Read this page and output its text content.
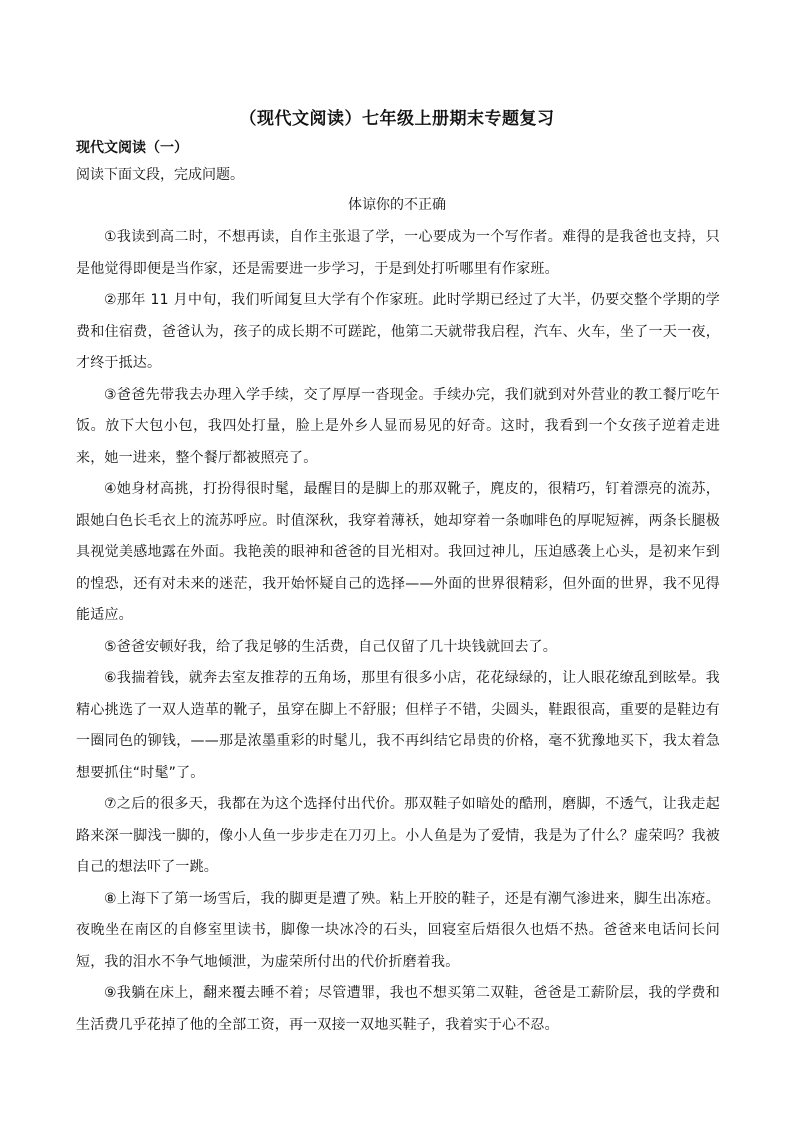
（现代文阅读）七年级上册期末专题复习
现代文阅读（一）
阅读下面文段，完成问题。
体谅你的不正确

①我读到高二时，不想再读，自作主张退了学，一心要成为一个写作者。难得的是我爸也支持，只是他觉得即便是当作家，还是需要进一步学习，于是到处打听哪里有作家班。

②那年 11 月中旬，我们听闻复旦大学有个作家班。此时学期已经过了大半，仍要交整个学期的学费和住宿费，爸爸认为，孩子的成长期不可蹉跎，他第二天就带我启程，汽车、火车，坐了一天一夜，才终于抵达。

③爸爸先带我去办理入学手续，交了厚厚一沓现金。手续办完，我们就到对外营业的教工餐厅吃午饭。放下大包小包，我四处打量，脸上是外乡人显而易见的好奇。这时，我看到一个女孩子逆着走进来，她一进来，整个餐厅都被照亮了。

④她身材高挑，打扮得很时髦，最醒目的是脚上的那双靴子，麂皮的，很精巧，钉着漂亮的流苏，跟她白色长毛衣上的流苏呼应。时值深秋，我穿着薄袄，她却穿着一条咖啡色的厚呢短裤，两条长腿极具视觉美感地露在外面。我艳羡的眼神和爸爸的目光相对。我回过神儿，压迫感袭上心头，是初来乍到的惶恐，还有对未来的迷茫，我开始怀疑自己的选择——外面的世界很精彩，但外面的世界，我不见得能适应。

⑤爸爸安顿好我，给了我足够的生活费，自己仅留了几十块钱就回去了。

⑥我揣着钱，就奔去室友推荐的五角场，那里有很多小店，花花绿绿的，让人眼花缭乱到眩晕。我精心挑选了一双人造革的靴子，虽穿在脚上不舒服；但样子不错，尖圆头，鞋跟很高，重要的是鞋边有一圈同色的铆钱，——那是浓墨重彩的时髦儿，我不再纠结它昂贵的价格，毫不犹豫地买下，我太着急想要抓住“时髦”了。

⑦之后的很多天，我都在为这个选择付出代价。那双鞋子如暗处的酷刑，磨脚，不透气，让我走起路来深一脚浅一脚的，像小人鱼一步步走在刀刃上。小人鱼是为了爱情，我是为了什么？虚荣吗？我被自己的想法吓了一跳。

⑧上海下了第一场雪后，我的脚更是遭了殃。粘上开胶的鞋子，还是有潮气渗进来，脚生出冻疮。夜晚坐在南区的自修室里读书，脚像一块冰冷的石头，回寝室后焐很久也焐不热。爸爸来电话问长问短，我的泪水不争气地倾泄，为虚荣所付出的代价折磨着我。

⑨我躺在床上，翻来覆去睡不着；尽管遭罪，我也不想买第二双鞋，爸爸是工薪阶层，我的学费和生活费几乎花掉了他的全部工资，再一双接一双地买鞋子，我着实于心不忍。
